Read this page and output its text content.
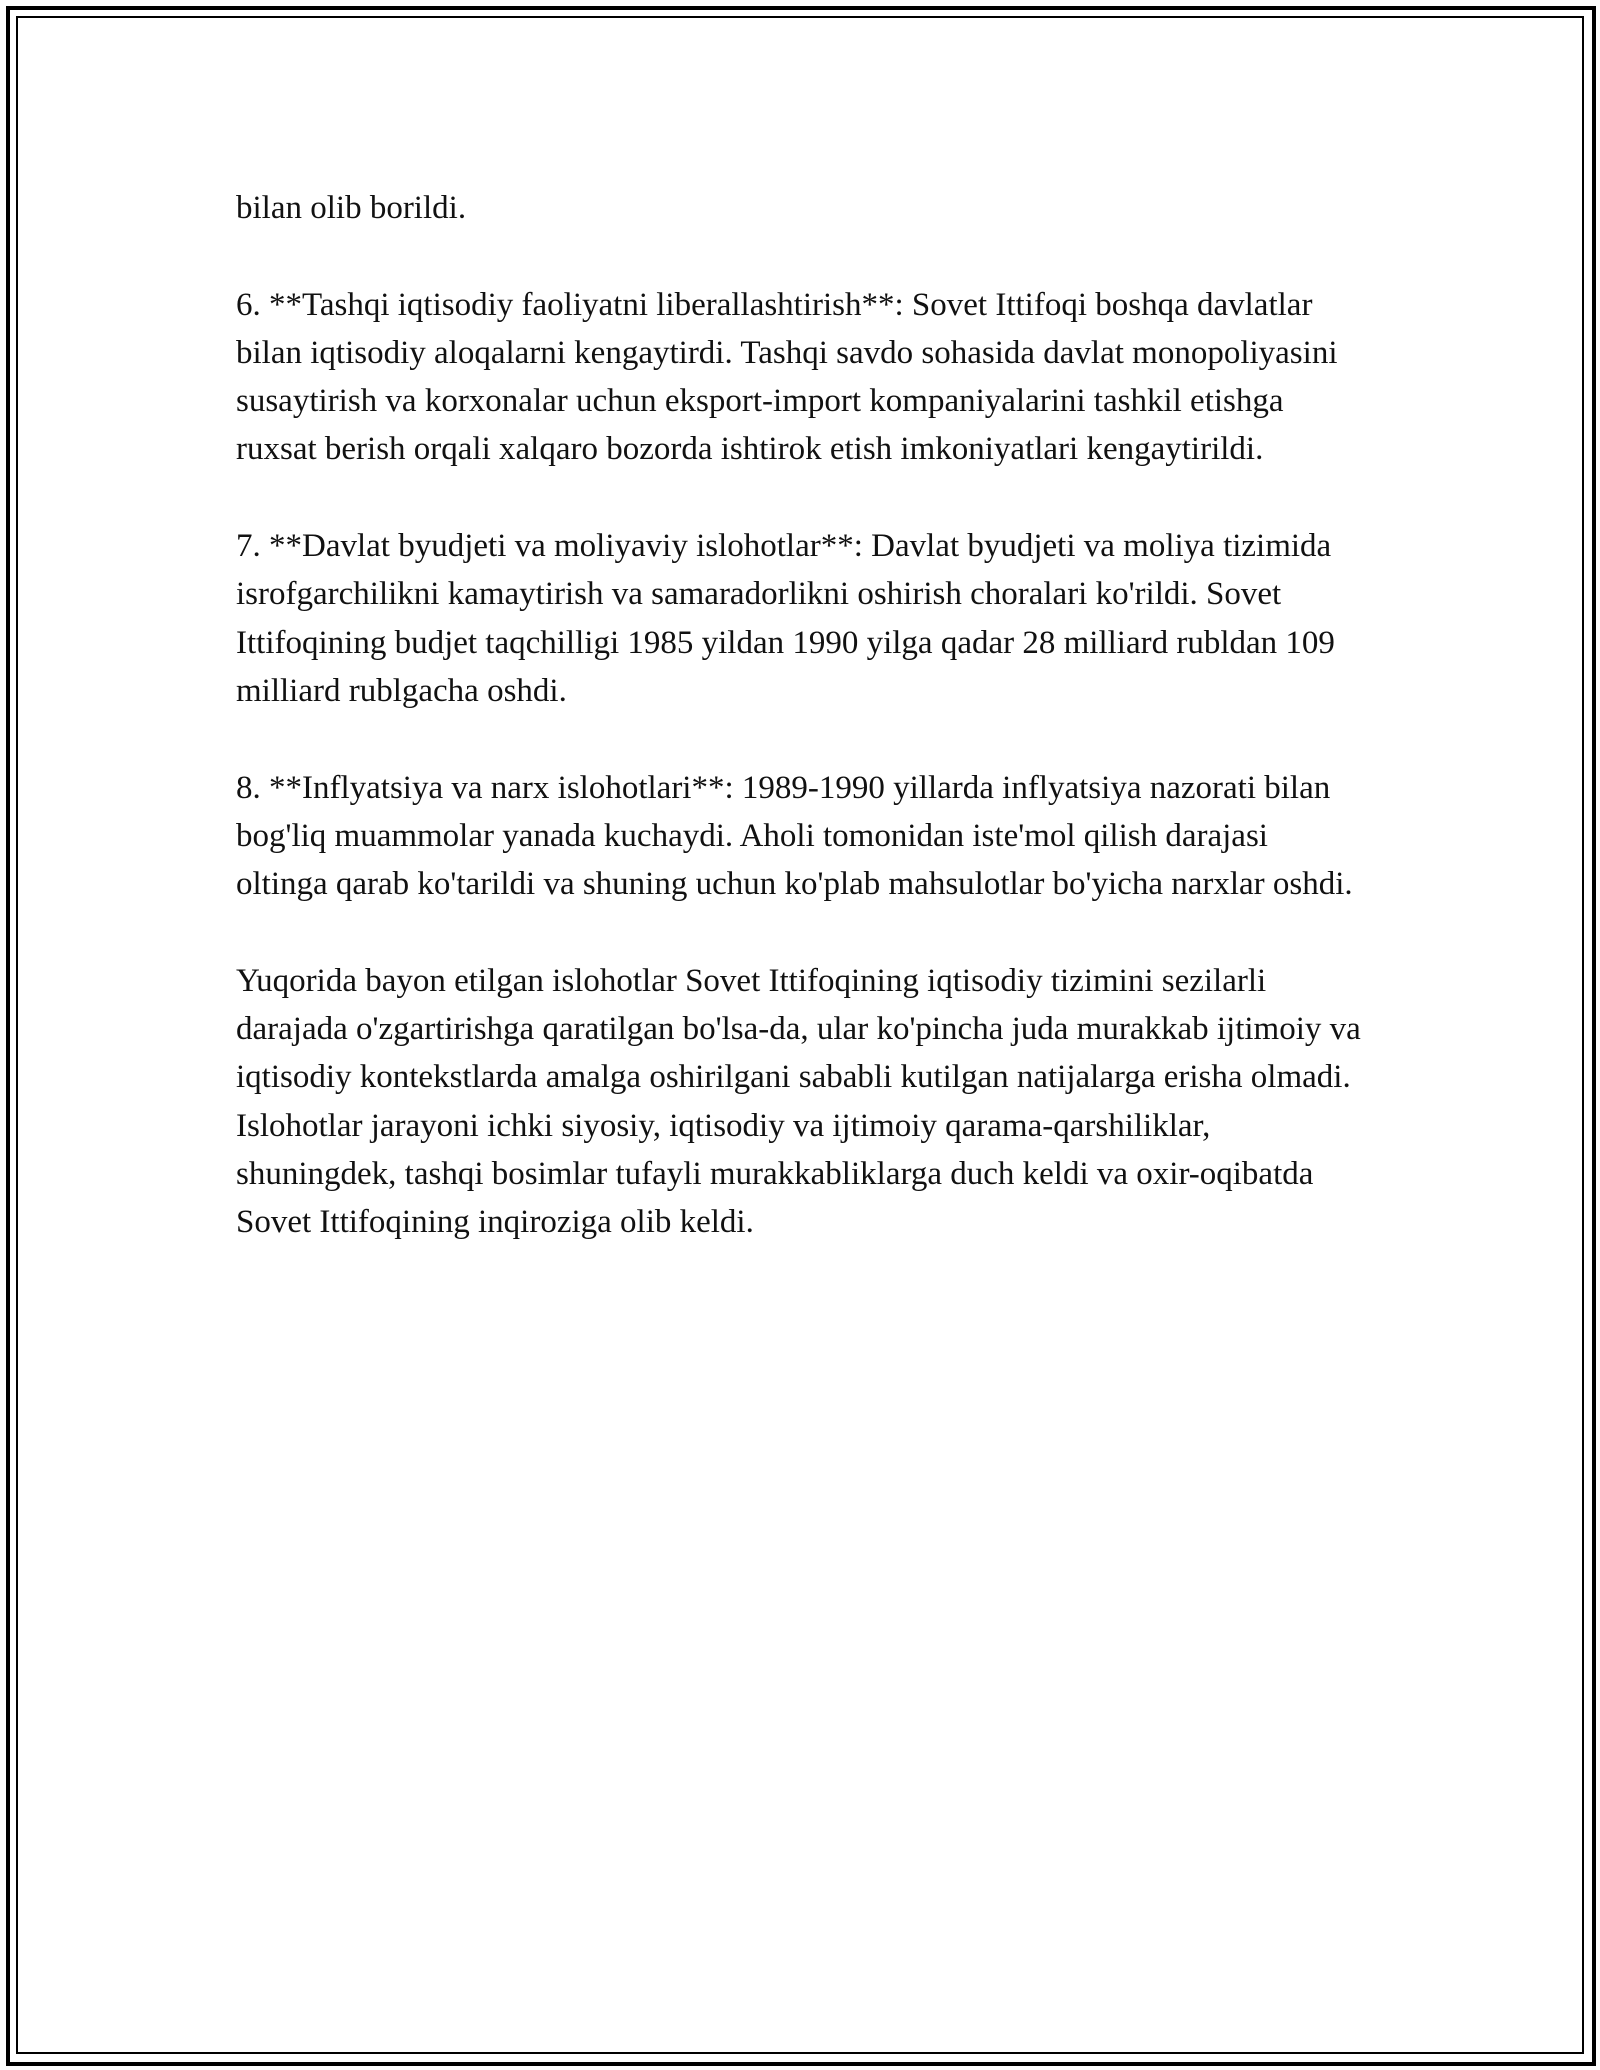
bilan olib borildi.

6. **Tashqi iqtisodiy faoliyatni liberallashtirish**: Sovet Ittifoqi boshqa davlatlar bilan iqtisodiy aloqalarni kengaytirdi. Tashqi savdo sohasida davlat monopoliyasini susaytirish va korxonalar uchun eksport-import kompaniyalarini tashkil etishga ruxsat berish orqali xalqaro bozorda ishtirok etish imkoniyatlari kengaytirildi.

7. **Davlat byudjeti va moliyaviy islohotlar**: Davlat byudjeti va moliya tizimida isrofgarchilikni kamaytirish va samaradorlikni oshirish choralari ko'rildi. Sovet Ittifoqining budjet taqchilligi 1985 yildan 1990 yilga qadar 28 milliard rubldan 109 milliard rublgacha oshdi.

8. **Inflyatsiya va narx islohotlari**: 1989-1990 yillarda inflyatsiya nazorati bilan bog'liq muammolar yanada kuchaydi. Aholi tomonidan iste'mol qilish darajasi oltinga qarab ko'tarildi va shuning uchun ko'plab mahsulotlar bo'yicha narxlar oshdi.

Yuqorida bayon etilgan islohotlar Sovet Ittifoqining iqtisodiy tizimini sezilarli darajada o'zgartirishga qaratilgan bo'lsa-da, ular ko'pincha juda murakkab ijtimoiy va iqtisodiy kontekstlarda amalga oshirilgani sababli kutilgan natijalarga erisha olmadi. Islohotlar jarayoni ichki siyosiy, iqtisodiy va ijtimoiy qarama-qarshiliklar, shuningdek, tashqi bosimlar tufayli murakkabliklarga duch keldi va oxir-oqibatda Sovet Ittifoqining inqiroziga olib keldi.
